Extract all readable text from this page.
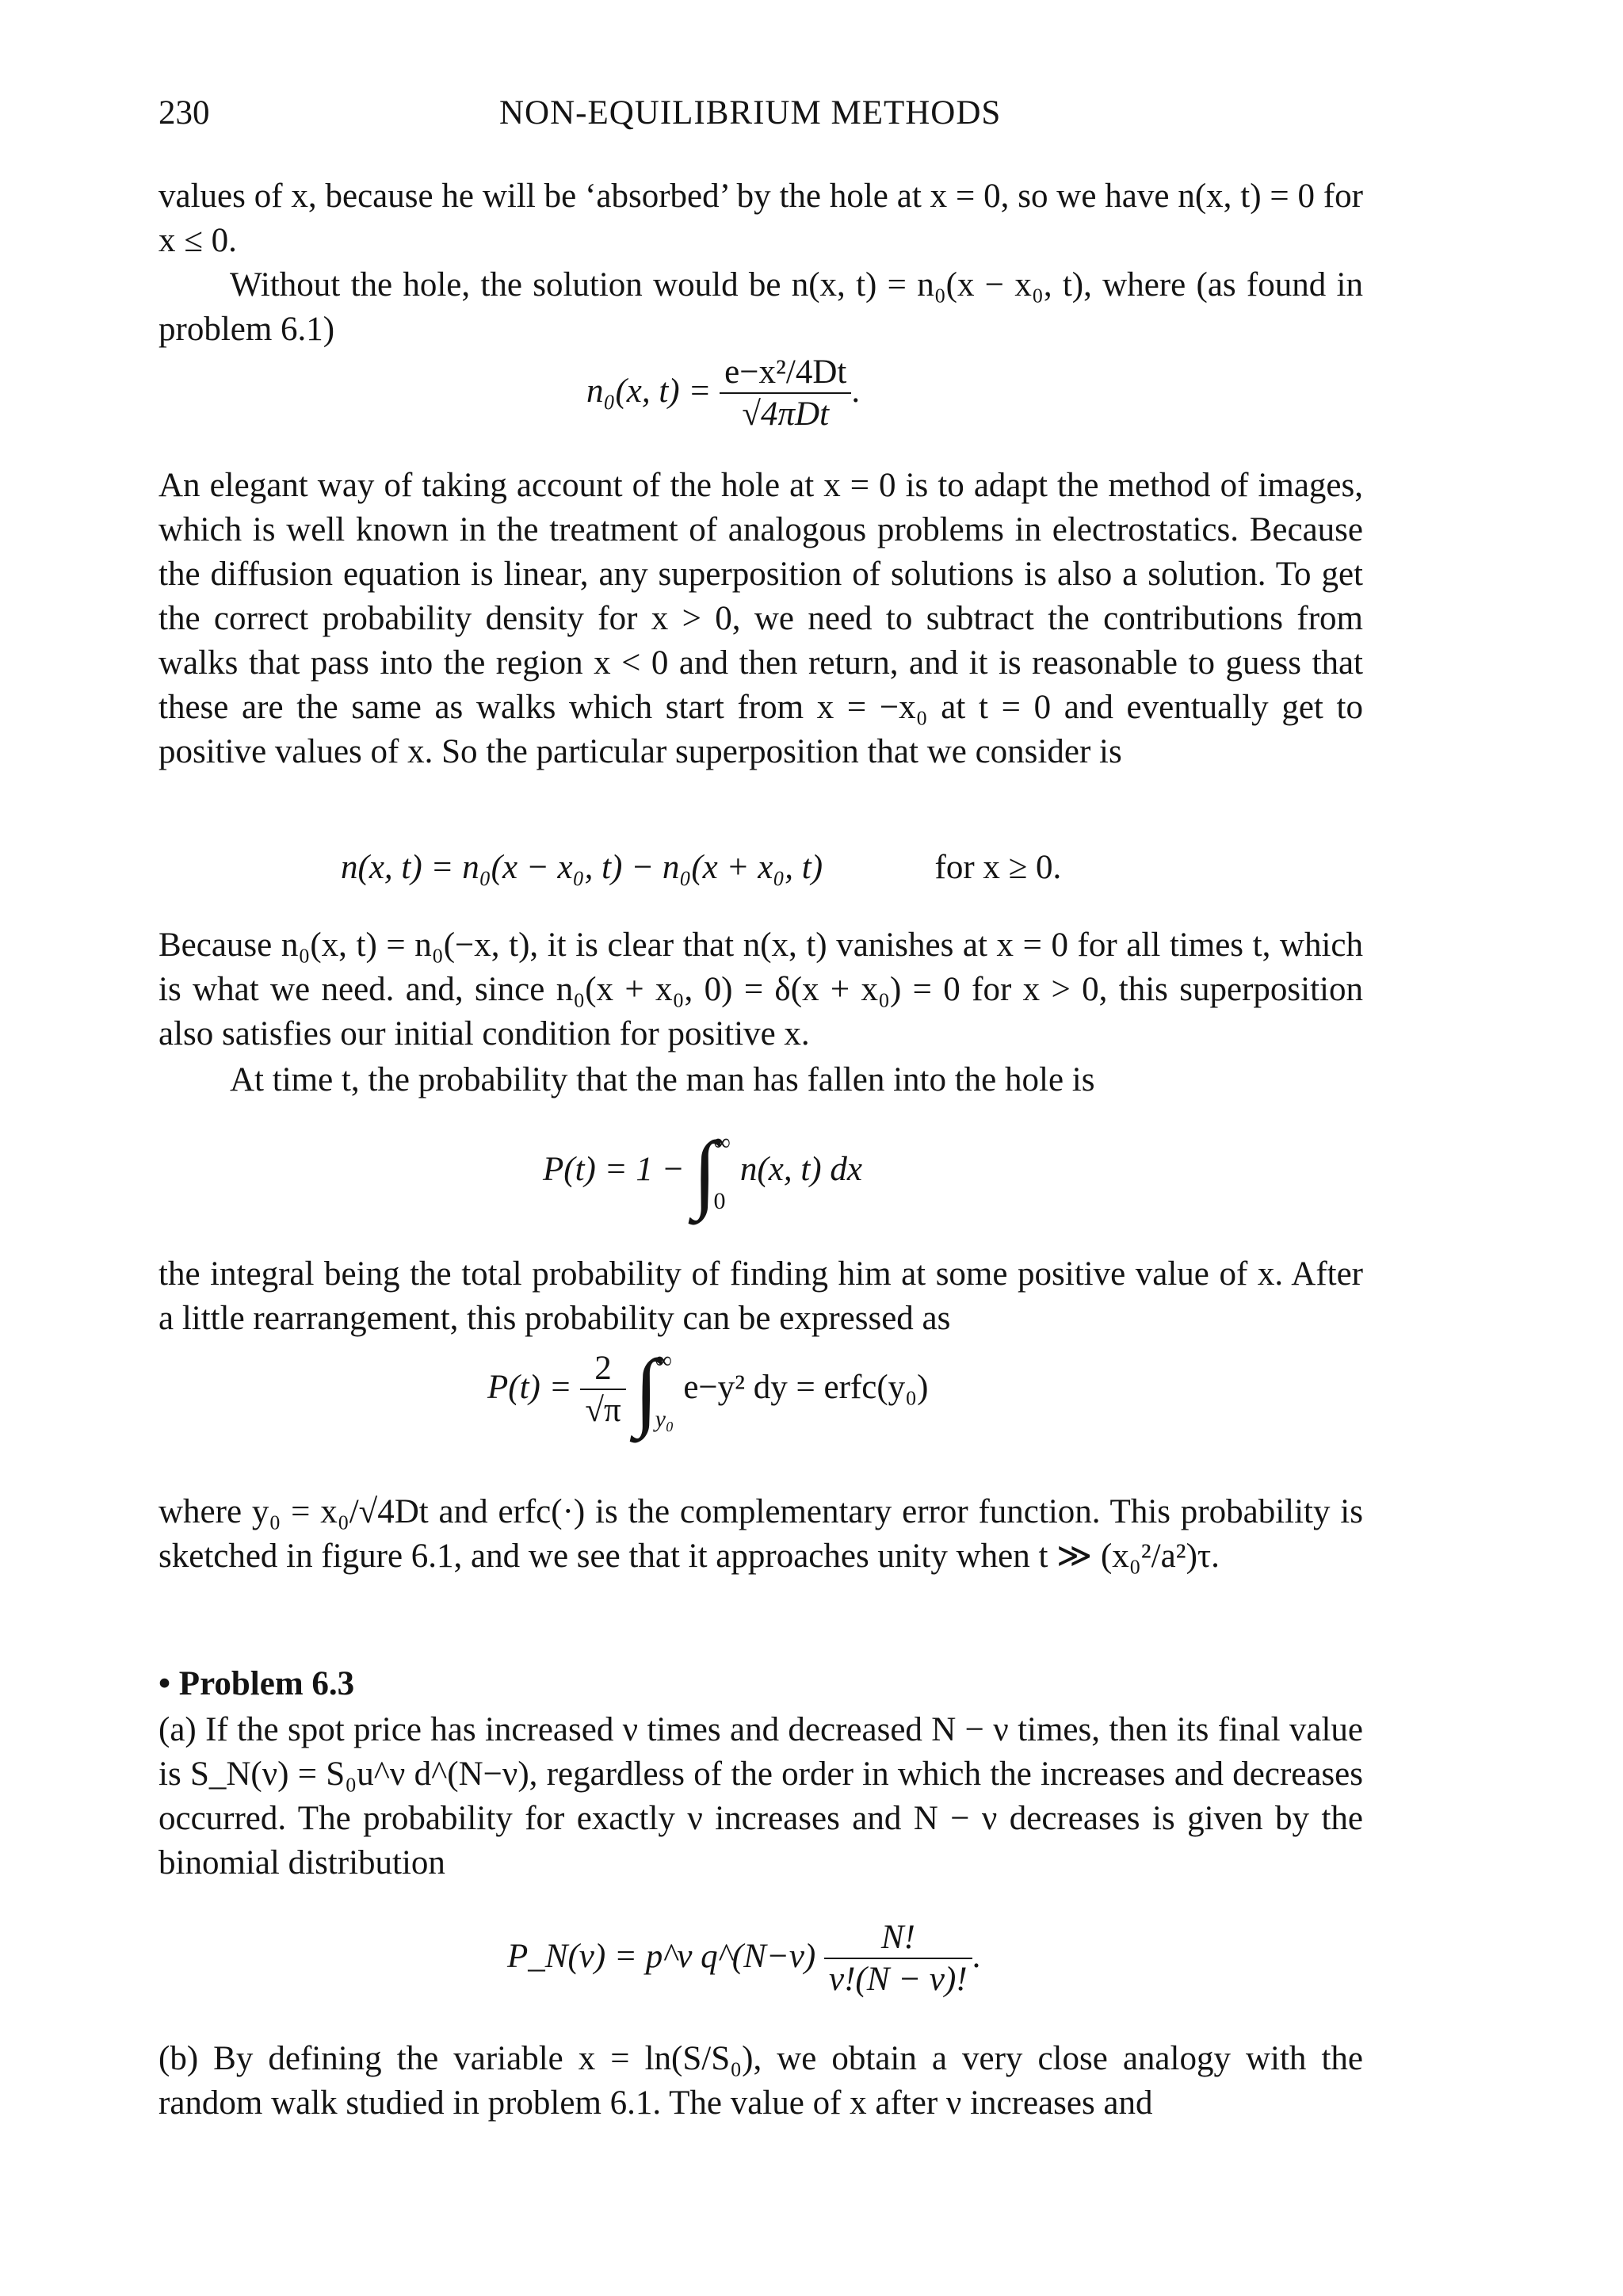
230	NON-EQUILIBRIUM METHODS

values of x, because he will be ‘absorbed’ by the hole at x = 0, so we have n(x, t) = 0 for x ≤ 0.

Without the hole, the solution would be n(x, t) = n₀(x − x₀, t), where (as found in problem 6.1)

n₀(x, $t) = \frac{\text{e−x²/4Dt}}{\text{√4πDt}}$ .

An elegant way of taking account of the hole at x = 0 is to adapt the method of images, which is well known in the treatment of analogous problems in electrostatics. Because the diffusion equation is linear, any superposition of solutions is also a solution. To get the correct probability density for x > 0, we need to subtract the contributions from walks that pass into the region x < 0 and then return, and it is reasonable to guess that these are the same as walks which start from x = −x₀ at t = 0 and eventually get to positive values of x. So the particular superposition that we consider is

n(x, t) = n₀(x − x₀, t) − n₀(x + x₀, t)	for x ≥ 0.

Because n₀(x, t) = n₀(−x, t), it is clear that n(x, t) vanishes at x = 0 for all times t, which is what we need. and, since n₀(x + x₀, 0) = δ(x + x₀) = 0 for x > 0, this superposition also satisfies our initial condition for positive x.

At time t, the probability that the man has fallen into the hole is

P(t) = 1 − ∫
∞
0
n(x, t) dx

the integral being the total probability of finding him at some positive value of x. After a little rearrangement, this probability can be expressed as

$P(t) = \frac{2}{√\pi}$ ∫
∞
y₀
e−y² dy = erfc(y₀)

where y₀ = x₀/√4Dt and erfc(·) is the complementary error function. This probability is sketched in figure 6.1, and we see that it approaches unity when t ≫ (x₀²/a²)τ.

• Problem 6.3

(a) If the spot price has increased ν times and decreased N − ν times, then its final value is S_N(ν) = S₀u^ν d^(N−ν), regardless of the order in which the increases and decreases occurred. The probability for exactly ν increases and N − ν decreases is given by the binomial distribution

P_N(ν) = p^ν q^(N−ν) $\frac{N!}{\nu!(N - \nu)!}$ .

(b) By defining the variable x = ln(S/S₀), we obtain a very close analogy with the random walk studied in problem 6.1. The value of x after ν increases and
